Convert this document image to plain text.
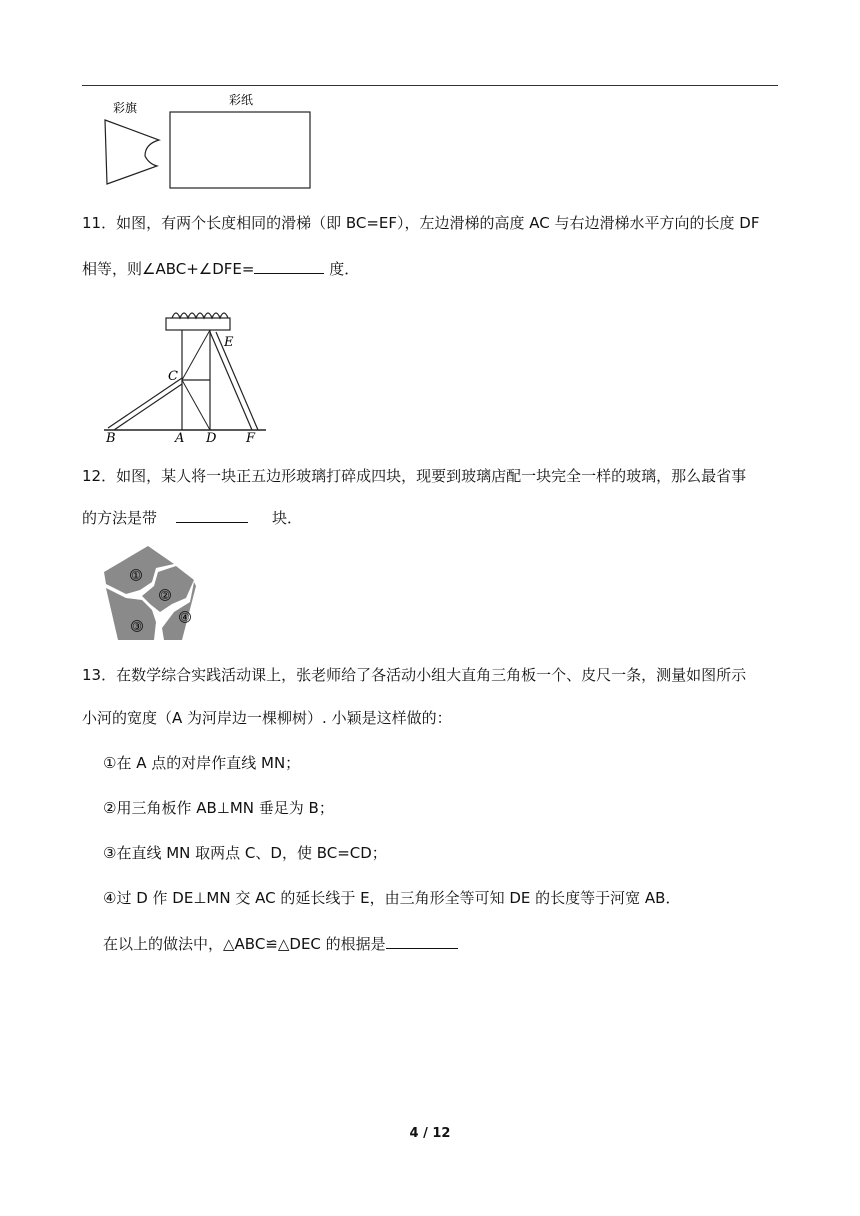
彩旗
彩纸
11．如图，有两个长度相同的滑梯（即 BC=EF），左边滑梯的高度 AC 与右边滑梯水平方向的长度 DF
相等，则∠ABC+∠DFE=	度．
B	A D F
C
E
12．如图，某人将一块正五边形玻璃打碎成四块，现要到玻璃店配一块完全一样的玻璃，那么最省事
的方法是带	块．
①
②
③
④
13．在数学综合实践活动课上，张老师给了各活动小组大直角三角板一个、皮尺一条，测量如图所示
小河的宽度（A 为河岸边一棵柳树）. 小颖是这样做的：
①在 A 点的对岸作直线 MN；
②用三角板作 AB⊥MN 垂足为 B；
③在直线 MN 取两点 C、D，使 BC=CD；
④过 D 作 DE⊥MN 交 AC 的延长线于 E，由三角形全等可知 DE 的长度等于河宽 AB．
在以上的做法中，△ABC≌△DEC 的根据是
4 / 12
